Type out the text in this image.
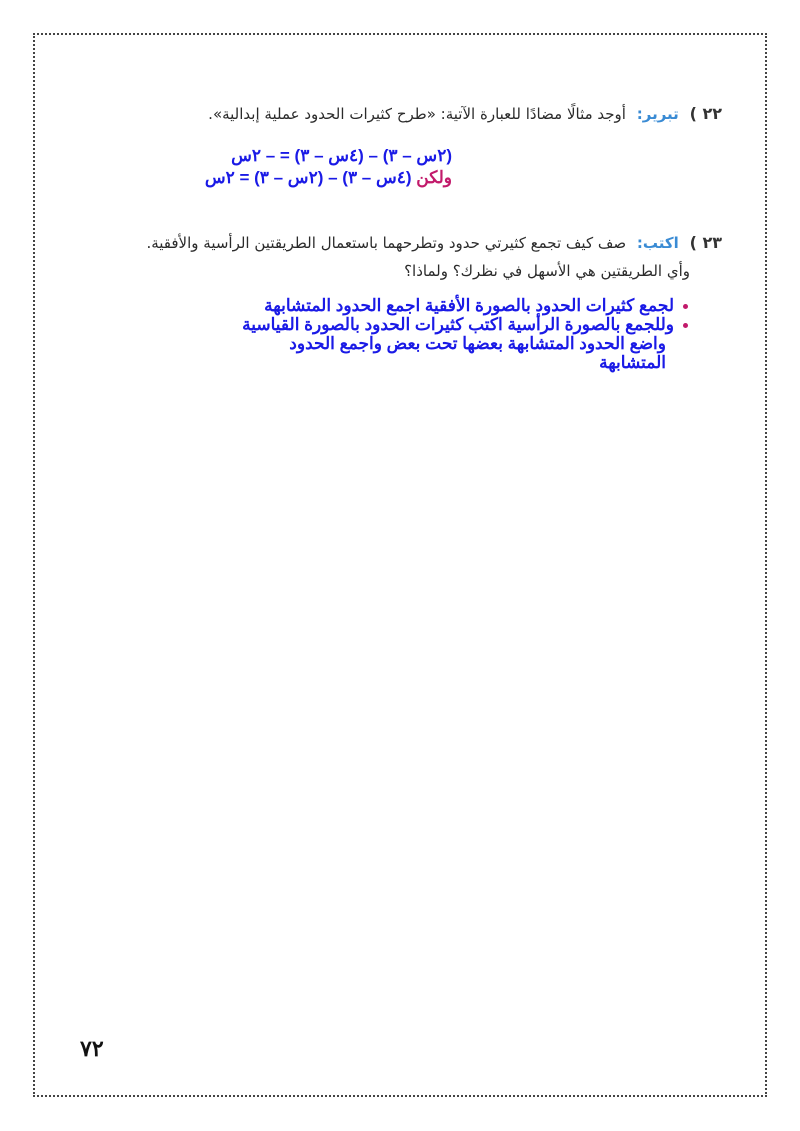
٢٢ ) تبرير: أوجد مثالًا مضادًا للعبارة الآتية: «طرح كثيرات الحدود عملية إبدالية».
(٢س – ٣) – (٤س – ٣) = – ٢س
ولكن (٤س – ٣) – (٢س – ٣) = ٢س
٢٣ ) اكتب: صف كيف تجمع كثيرتي حدود وتطرحهما باستعمال الطريقتين الرأسية والأفقية.
وأي الطريقتين هي الأسهل في نظرك؟ ولماذا؟
لجمع كثيرات الحدود بالصورة الأفقية اجمع الحدود المتشابهة
وللجمع بالصورة الرأسية اكتب كثيرات الحدود بالصورة القياسية
واضع الحدود المتشابهة بعضها تحت بعض واجمع الحدود
المتشابهة
٧٢
